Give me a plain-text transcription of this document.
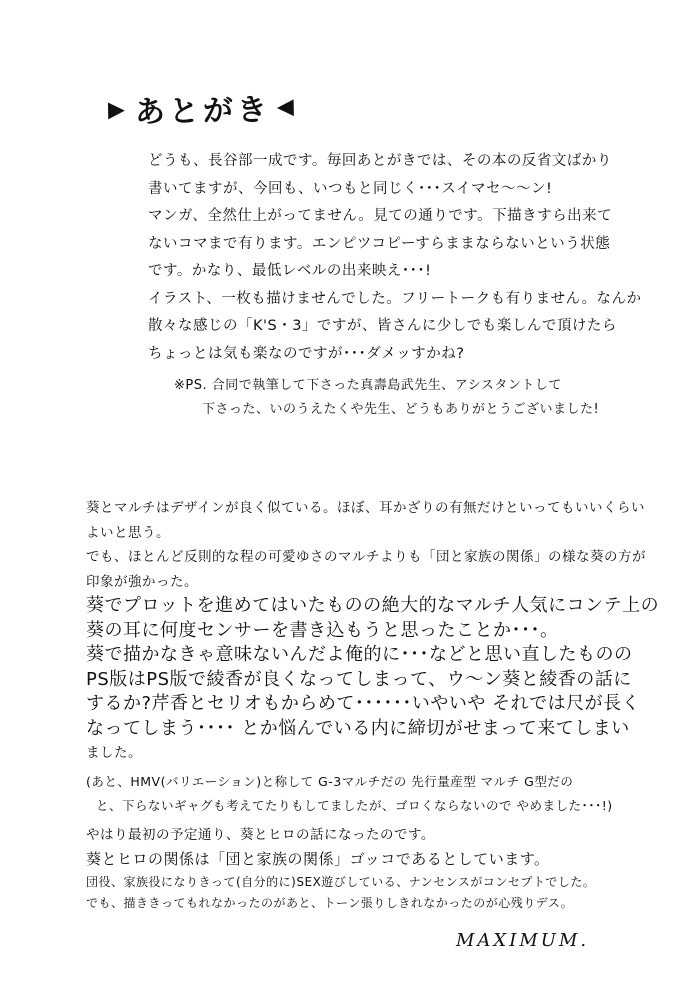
▶ あとがき ◀
どうも、長谷部一成です。毎回あとがきでは、その本の反省文ばかり
書いてますが、今回も、いつもと同じく･･･スイマセ〜〜ン!
マンガ、全然仕上がってません。見ての通りです。下描きすら出来て
ないコマまで有ります。エンピツコピーすらままならないという状態
です。かなり、最低レベルの出来映え･･･!
イラスト、一枚も描けませんでした。フリートークも有りません。なんか
散々な感じの「K'S・3」ですが、皆さんに少しでも楽しんで頂けたら
ちょっとは気も楽なのですが･･･ダメッすかね?
※PS. 合同で執筆して下さった真壽島武先生、アシスタントして
下さった、いのうえたくや先生、どうもありがとうございました!
葵とマルチはデザインが良く似ている。ほぼ、耳かざりの有無だけといってもいいくらい
よいと思う。
でも、ほとんど反則的な程の可愛ゆさのマルチよりも「団と家族の関係」の様な葵の方が
印象が強かった。
葵でプロットを進めてはいたものの絶大的なマルチ人気にコンテ上の
葵の耳に何度センサーを書き込もうと思ったことか･･･。
葵で描かなきゃ意味ないんだよ俺的に･･･などと思い直したものの
PS版はPS版で綾香が良くなってしまって、ウ〜ン葵と綾香の話に
するか?芹香とセリオもからめて･･････いやいや それでは尺が長く
なってしまう････ とか悩んでいる内に締切がせまって来てしまい
ました。
(あと、HMV(バリエーション)と称して G-3マルチだの 先行量産型 マルチ G型だの
と、下らないギャグも考えてたりもしてましたが、ゴロくならないので やめました･･･!)
やはり最初の予定通り、葵とヒロの話になったのです。
葵とヒロの関係は「団と家族の関係」ゴッコであるとしています。
団役、家族役になりきって(自分的に)SEX遊びしている、ナンセンスがコンセプトでした。
でも、描ききってもれなかったのがあと、トーン張りしきれなかったのが心残りデス。
MAXIMUM.
